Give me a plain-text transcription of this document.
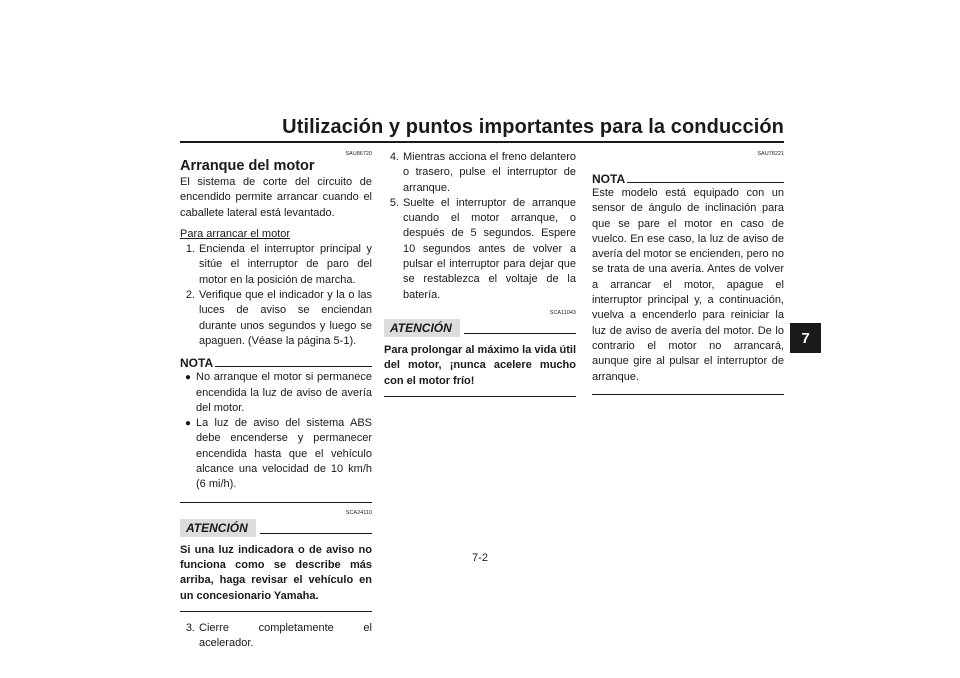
Utilización y puntos importantes para la conducción
7

SAU86720

Arranque del motor

El sistema de corte del circuito de encendido permite arrancar cuando el caballete lateral está levantado.

Para arrancar el motor

1. Encienda el interruptor principal y sitúe el interruptor de paro del motor en la posición de marcha.
2. Verifique que el indicador y la o las luces de aviso se enciendan durante unos segundos y luego se apaguen. (Véase la página 5-1).
NOTA
● No arranque el motor si permanece encendida la luz de aviso de avería del motor.
● La luz de aviso del sistema ABS debe encenderse y permanecer encendida hasta que el vehículo alcance una velocidad de 10 km/h (6 mi/h).

SCA24110

ATENCIÓN

Si una luz indicadora o de aviso no funciona como se describe más arriba, haga revisar el vehículo en un concesionario Yamaha.

3. Cierre completamente el acelerador.
4. Mientras acciona el freno delantero o trasero, pulse el interruptor de arranque.
5. Suelte el interruptor de arranque cuando el motor arranque, o después de 5 segundos. Espere 10 segundos antes de volver a pulsar el interruptor para dejar que se restablezca el voltaje de la batería.

SCA11043

ATENCIÓN

Para prolongar al máximo la vida útil del motor, ¡nunca acelere mucho con el motor frío!

SAU78221

NOTA

Este modelo está equipado con un sensor de ángulo de inclinación para que se pare el motor en caso de vuelco. En ese caso, la luz de aviso de avería del motor se encienden, pero no se trata de una avería. Antes de volver a arrancar el motor, apague el interruptor principal y, a continuación, vuelva a encenderlo para reiniciar la luz de aviso de avería del motor. De lo contrario el motor no arrancará, aunque gire al pulsar el interruptor de arranque.

7-2
